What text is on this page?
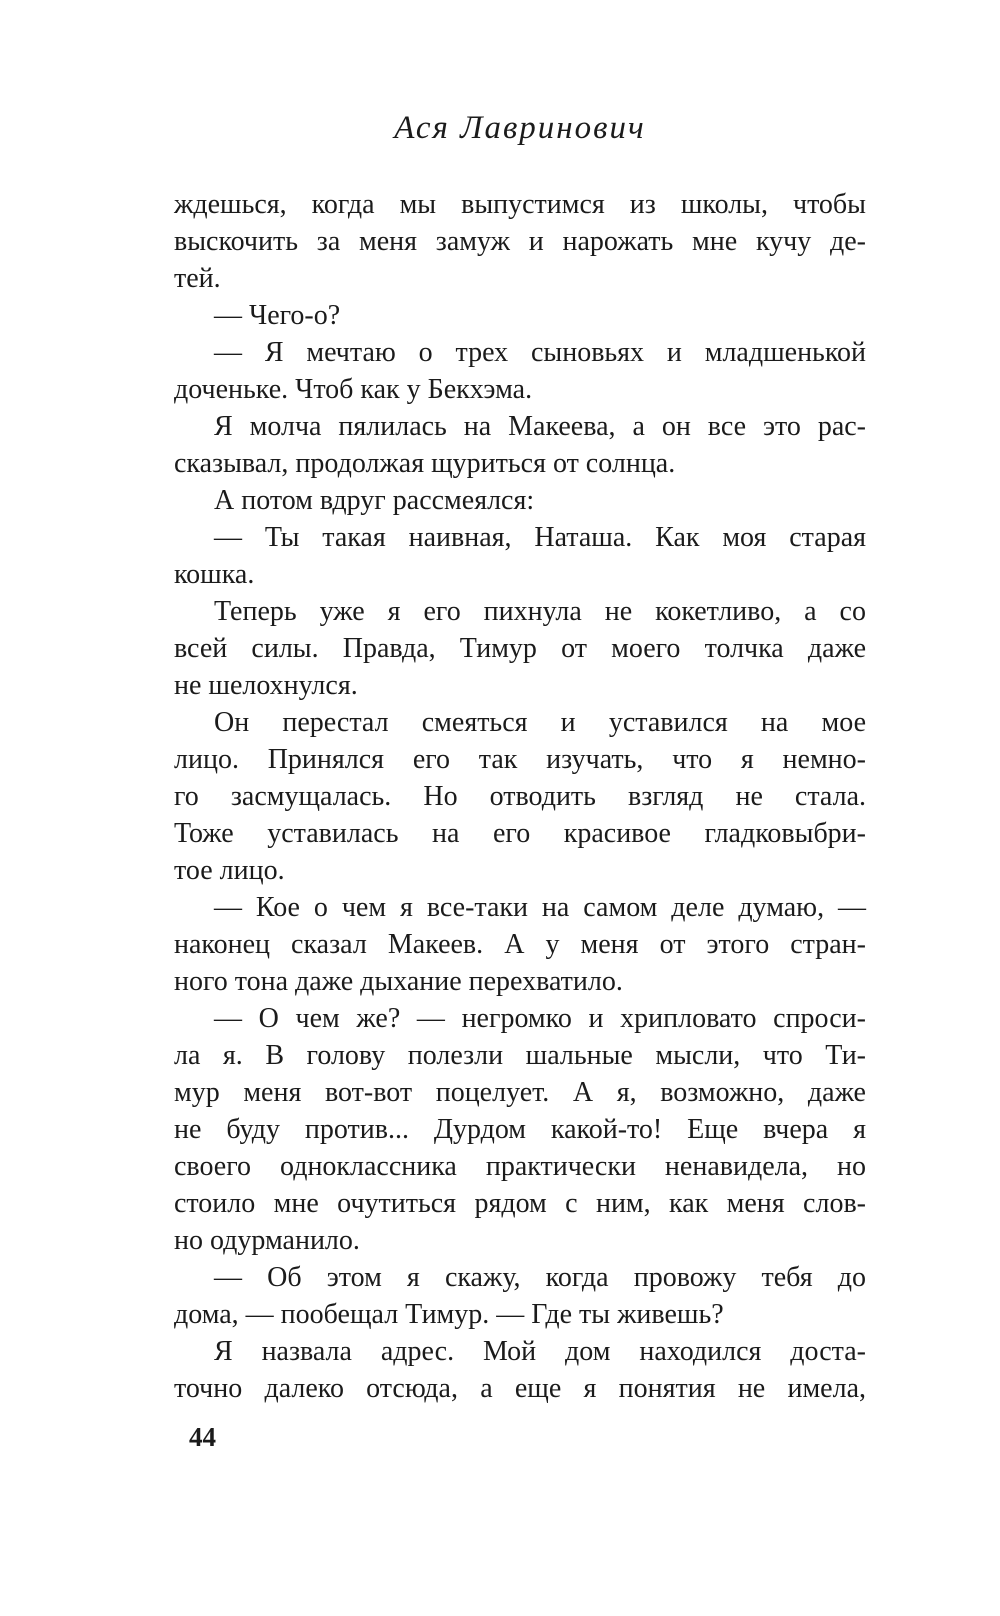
Ася Лавринович
ждешься, когда мы выпустимся из школы, чтобы
выскочить за меня замуж и нарожать мне кучу де-
тей.
— Чего-о?
— Я мечтаю о трех сыновьях и младшенькой
доченьке. Чтоб как у Бекхэма.
Я молча пялилась на Макеева, а он все это рас-
сказывал, продолжая щуриться от солнца.
А потом вдруг рассмеялся:
— Ты такая наивная, Наташа. Как моя старая
кошка.
Теперь уже я его пихнула не кокетливо, а со
всей силы. Правда, Тимур от моего толчка даже
не шелохнулся.
Он перестал смеяться и уставился на мое
лицо. Принялся его так изучать, что я немно-
го засмущалась. Но отводить взгляд не стала.
Тоже уставилась на его красивое гладковыбри-
тое лицо.
— Кое о чем я все-таки на самом деле думаю, —
наконец сказал Макеев. А у меня от этого стран-
ного тона даже дыхание перехватило.
— О чем же? — негромко и хрипловато спроси-
ла я. В голову полезли шальные мысли, что Ти-
мур меня вот-вот поцелует. А я, возможно, даже
не буду против... Дурдом какой-то! Еще вчера я
своего одноклассника практически ненавидела, но
стоило мне очутиться рядом с ним, как меня слов-
но одурманило.
— Об этом я скажу, когда провожу тебя до
дома, — пообещал Тимур. — Где ты живешь?
Я назвала адрес. Мой дом находился доста-
точно далеко отсюда, а еще я понятия не имела,
44
